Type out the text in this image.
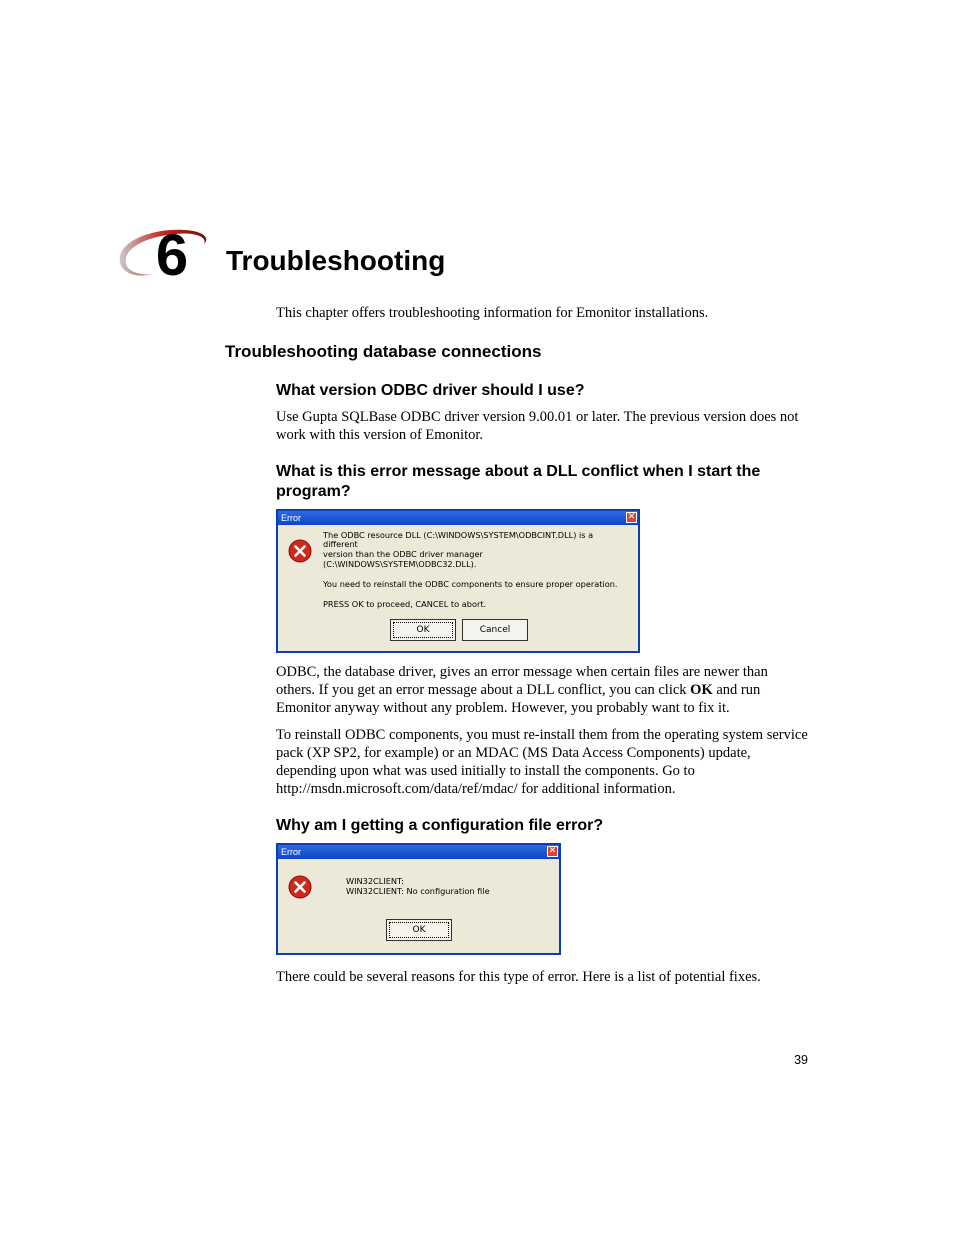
6 Troubleshooting
This chapter offers troubleshooting information for Emonitor installations.
Troubleshooting database connections
What version ODBC driver should I use?
Use Gupta SQLBase ODBC driver version 9.00.01 or later. The previous version does not work with this version of Emonitor.
What is this error message about a DLL conflict when I start the program?
Error	✕
The ODBC resource DLL (C:\WINDOWS\SYSTEM\ODBCINT.DLL) is a
different
version than the ODBC driver manager
(C:\WINDOWS\SYSTEM\ODBC32.DLL).
You need to reinstall the ODBC components to ensure proper operation.
PRESS OK to proceed, CANCEL to abort.
OK	Cancel
ODBC, the database driver, gives an error message when certain files are newer than others. If you get an error message about a DLL conflict, you can click OK and run Emonitor anyway without any problem. However, you probably want to fix it.
To reinstall ODBC components, you must re-install them from the operating system service pack (XP SP2, for example) or an MDAC (MS Data Access Components) update, depending upon what was used initially to install the components. Go to http://msdn.microsoft.com/data/ref/mdac/ for additional information.
Why am I getting a configuration file error?
Error	✕
WIN32CLIENT:
WIN32CLIENT: No configuration file
OK
There could be several reasons for this type of error. Here is a list of potential fixes.
39
